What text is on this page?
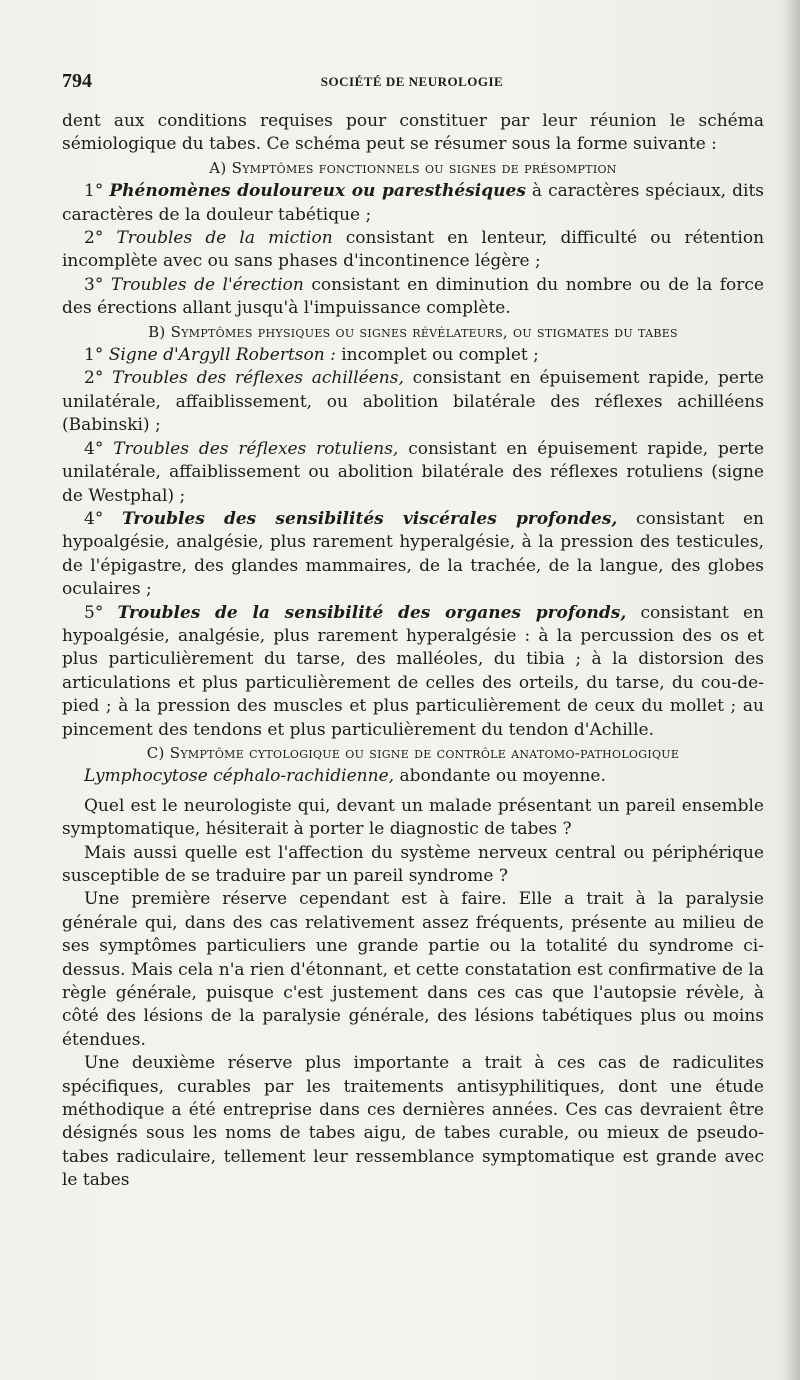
794	SOCIÉTÉ DE NEUROLOGIE

dent aux conditions requises pour constituer par leur réunion le schéma sémiologique du tabes. Ce schéma peut se résumer sous la forme suivante :

A) Symptômes fonctionnels ou signes de présomption

1° Phénomènes douloureux ou paresthésiques à caractères spéciaux, dits caractères de la douleur tabétique ;

2° Troubles de la miction consistant en lenteur, difficulté ou rétention incomplète avec ou sans phases d'incontinence légère ;

3° Troubles de l'érection consistant en diminution du nombre ou de la force des érections allant jusqu'à l'impuissance complète.

B) Symptômes physiques ou signes révélateurs, ou stigmates du tabes

1° Signe d'Argyll Robertson : incomplet ou complet ;

2° Troubles des réflexes achilléens, consistant en épuisement rapide, perte unilatérale, affaiblissement, ou abolition bilatérale des réflexes achilléens (Babinski) ;

4° Troubles des réflexes rotuliens, consistant en épuisement rapide, perte unilatérale, affaiblissement ou abolition bilatérale des réflexes rotuliens (signe de Westphal) ;

4° Troubles des sensibilités viscérales profondes, consistant en hypoalgésie, analgésie, plus rarement hyperalgésie, à la pression des testicules, de l'épigastre, des glandes mammaires, de la trachée, de la langue, des globes oculaires ;

5° Troubles de la sensibilité des organes profonds, consistant en hypoalgésie, analgésie, plus rarement hyperalgésie : à la percussion des os et plus particulièrement du tarse, des malléoles, du tibia ; à la distorsion des articulations et plus particulièrement de celles des orteils, du tarse, du cou-de-pied ; à la pression des muscles et plus particulièrement de ceux du mollet ; au pincement des tendons et plus particulièrement du tendon d'Achille.

C) Symptôme cytologique ou signe de contrôle anatomo-pathologique

Lymphocytose céphalo-rachidienne, abondante ou moyenne.

Quel est le neurologiste qui, devant un malade présentant un pareil ensemble symptomatique, hésiterait à porter le diagnostic de tabes ?

Mais aussi quelle est l'affection du système nerveux central ou périphérique susceptible de se traduire par un pareil syndrome ?

Une première réserve cependant est à faire. Elle a trait à la paralysie générale qui, dans des cas relativement assez fréquents, présente au milieu de ses symptômes particuliers une grande partie ou la totalité du syndrome ci-dessus. Mais cela n'a rien d'étonnant, et cette constatation est confirmative de la règle générale, puisque c'est justement dans ces cas que l'autopsie révèle, à côté des lésions de la paralysie générale, des lésions tabétiques plus ou moins étendues.

Une deuxième réserve plus importante a trait à ces cas de radiculites spécifiques, curables par les traitements antisyphilitiques, dont une étude méthodique a été entreprise dans ces dernières années. Ces cas devraient être désignés sous les noms de tabes aigu, de tabes curable, ou mieux de pseudo-tabes radiculaire, tellement leur ressemblance symptomatique est grande avec le tabes
